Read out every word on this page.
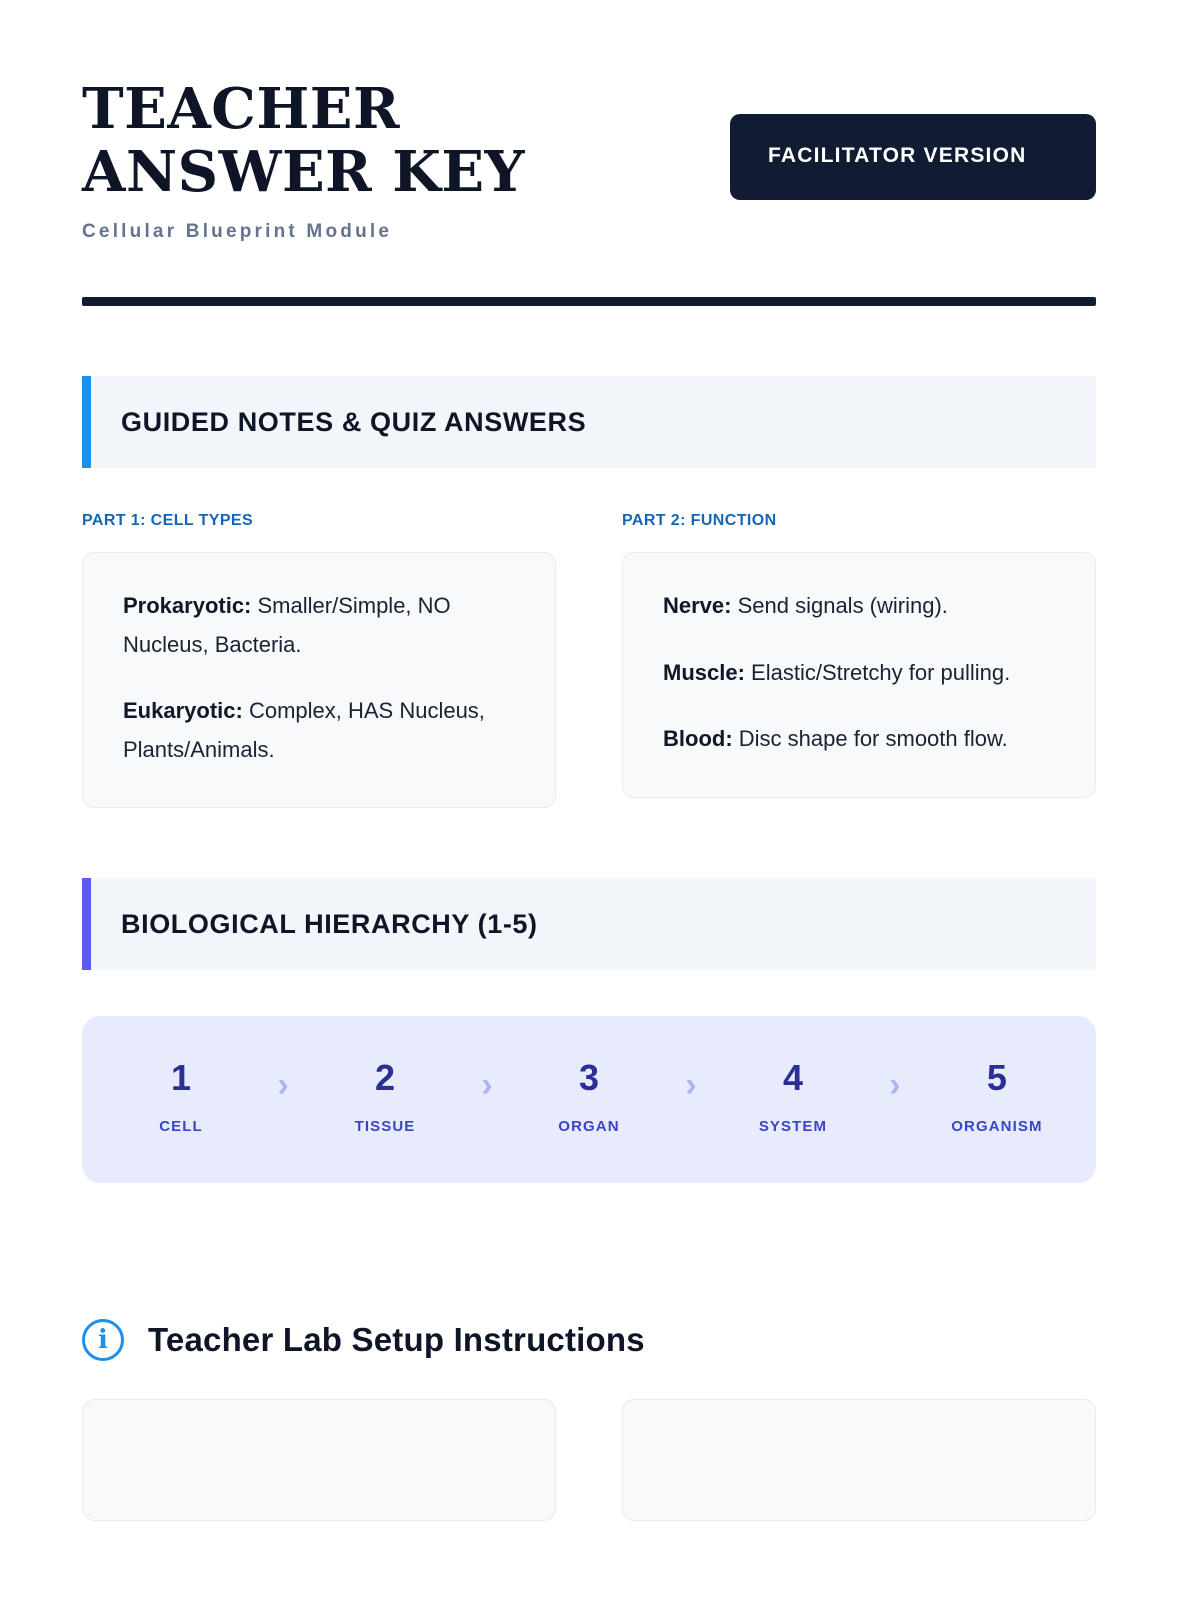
TEACHER ANSWER KEY
Cellular Blueprint Module
FACILITATOR VERSION
GUIDED NOTES & QUIZ ANSWERS
PART 1: CELL TYPES

Prokaryotic: Smaller/Simple, NO Nucleus, Bacteria.

Eukaryotic: Complex, HAS Nucleus, Plants/Animals.

PART 2: FUNCTION

Nerve: Send signals (wiring).

Muscle: Elastic/Stretchy for pulling.

Blood: Disc shape for smooth flow.

BIOLOGICAL HIERARCHY (1-5)
1
CELL
› 2
TISSUE
› 3
ORGAN
› 4
SYSTEM
› 5
ORGANISM
i	Teacher Lab Setup Instructions
